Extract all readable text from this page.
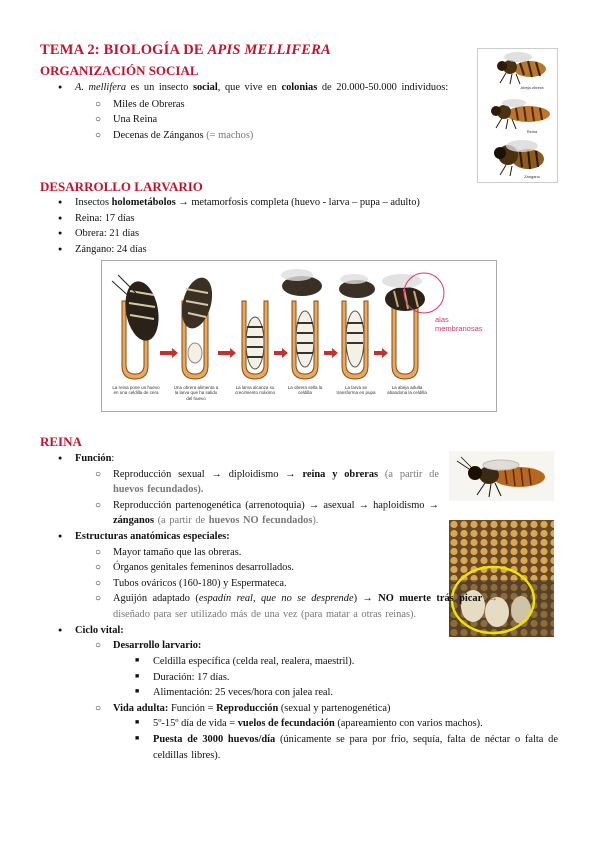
TEMA 2: BIOLOGÍA DE APIS MELLIFERA
ORGANIZACIÓN SOCIAL
● A. mellifera es un insecto social, que vive en colonias de 20.000-50.000 individuos:
○ Miles de Obreras
○ Una Reina
○ Decenas de Zánganos (= machos)
Abeja obrera
Reina
Zángano
DESARROLLO LARVARIO
● Insectos holometábolos → metamorfosis completa (huevo - larva – pupa – adulto)
● Reina: 17 días
● Obrera: 21 días
● Zángano: 24 días
alas
membranosas
La reina pone un huevo en una celdilla de cera
Una obrera alimenta a la larva que ha salido del huevo
La larva alcanza su crecimiento máximo
La obrera sella la celdilla
La larva se transforma en pupa
La abeja adulta abandona la celdilla
REINA
● Función:
○ Reproducción sexual → diploidismo → reina y obreras (a partir de huevos fecundados).
○ Reproducción partenogenética (arrenotoquia) → asexual → haploidismo → zánganos (a partir de huevos NO fecundados).
● Estructuras anatómicas especiales:
○ Mayor tamaño que las obreras.
○ Órganos genitales femeninos desarrollados.
○ Tubos ováricos (160-180) y Espermateca.
○ Aguijón adaptado (espadín real, que no se desprende) → NO muerte trás picar → diseñado para ser utilizado más de una vez (para matar a otras reinas).
● Ciclo vital:
○ Desarrollo larvario:
■ Celdilla específica (celda real, realera, maestril).
■ Duración: 17 días.
■ Alimentación: 25 veces/hora con jalea real.
○ Vida adulta: Función = Reproducción (sexual y partenogenética)
■ 5º-15º día de vida = vuelos de fecundación (apareamiento con varios machos).
■ Puesta de 3000 huevos/día (únicamente se para por frío, sequía, falta de néctar o falta de celdillas libres).
